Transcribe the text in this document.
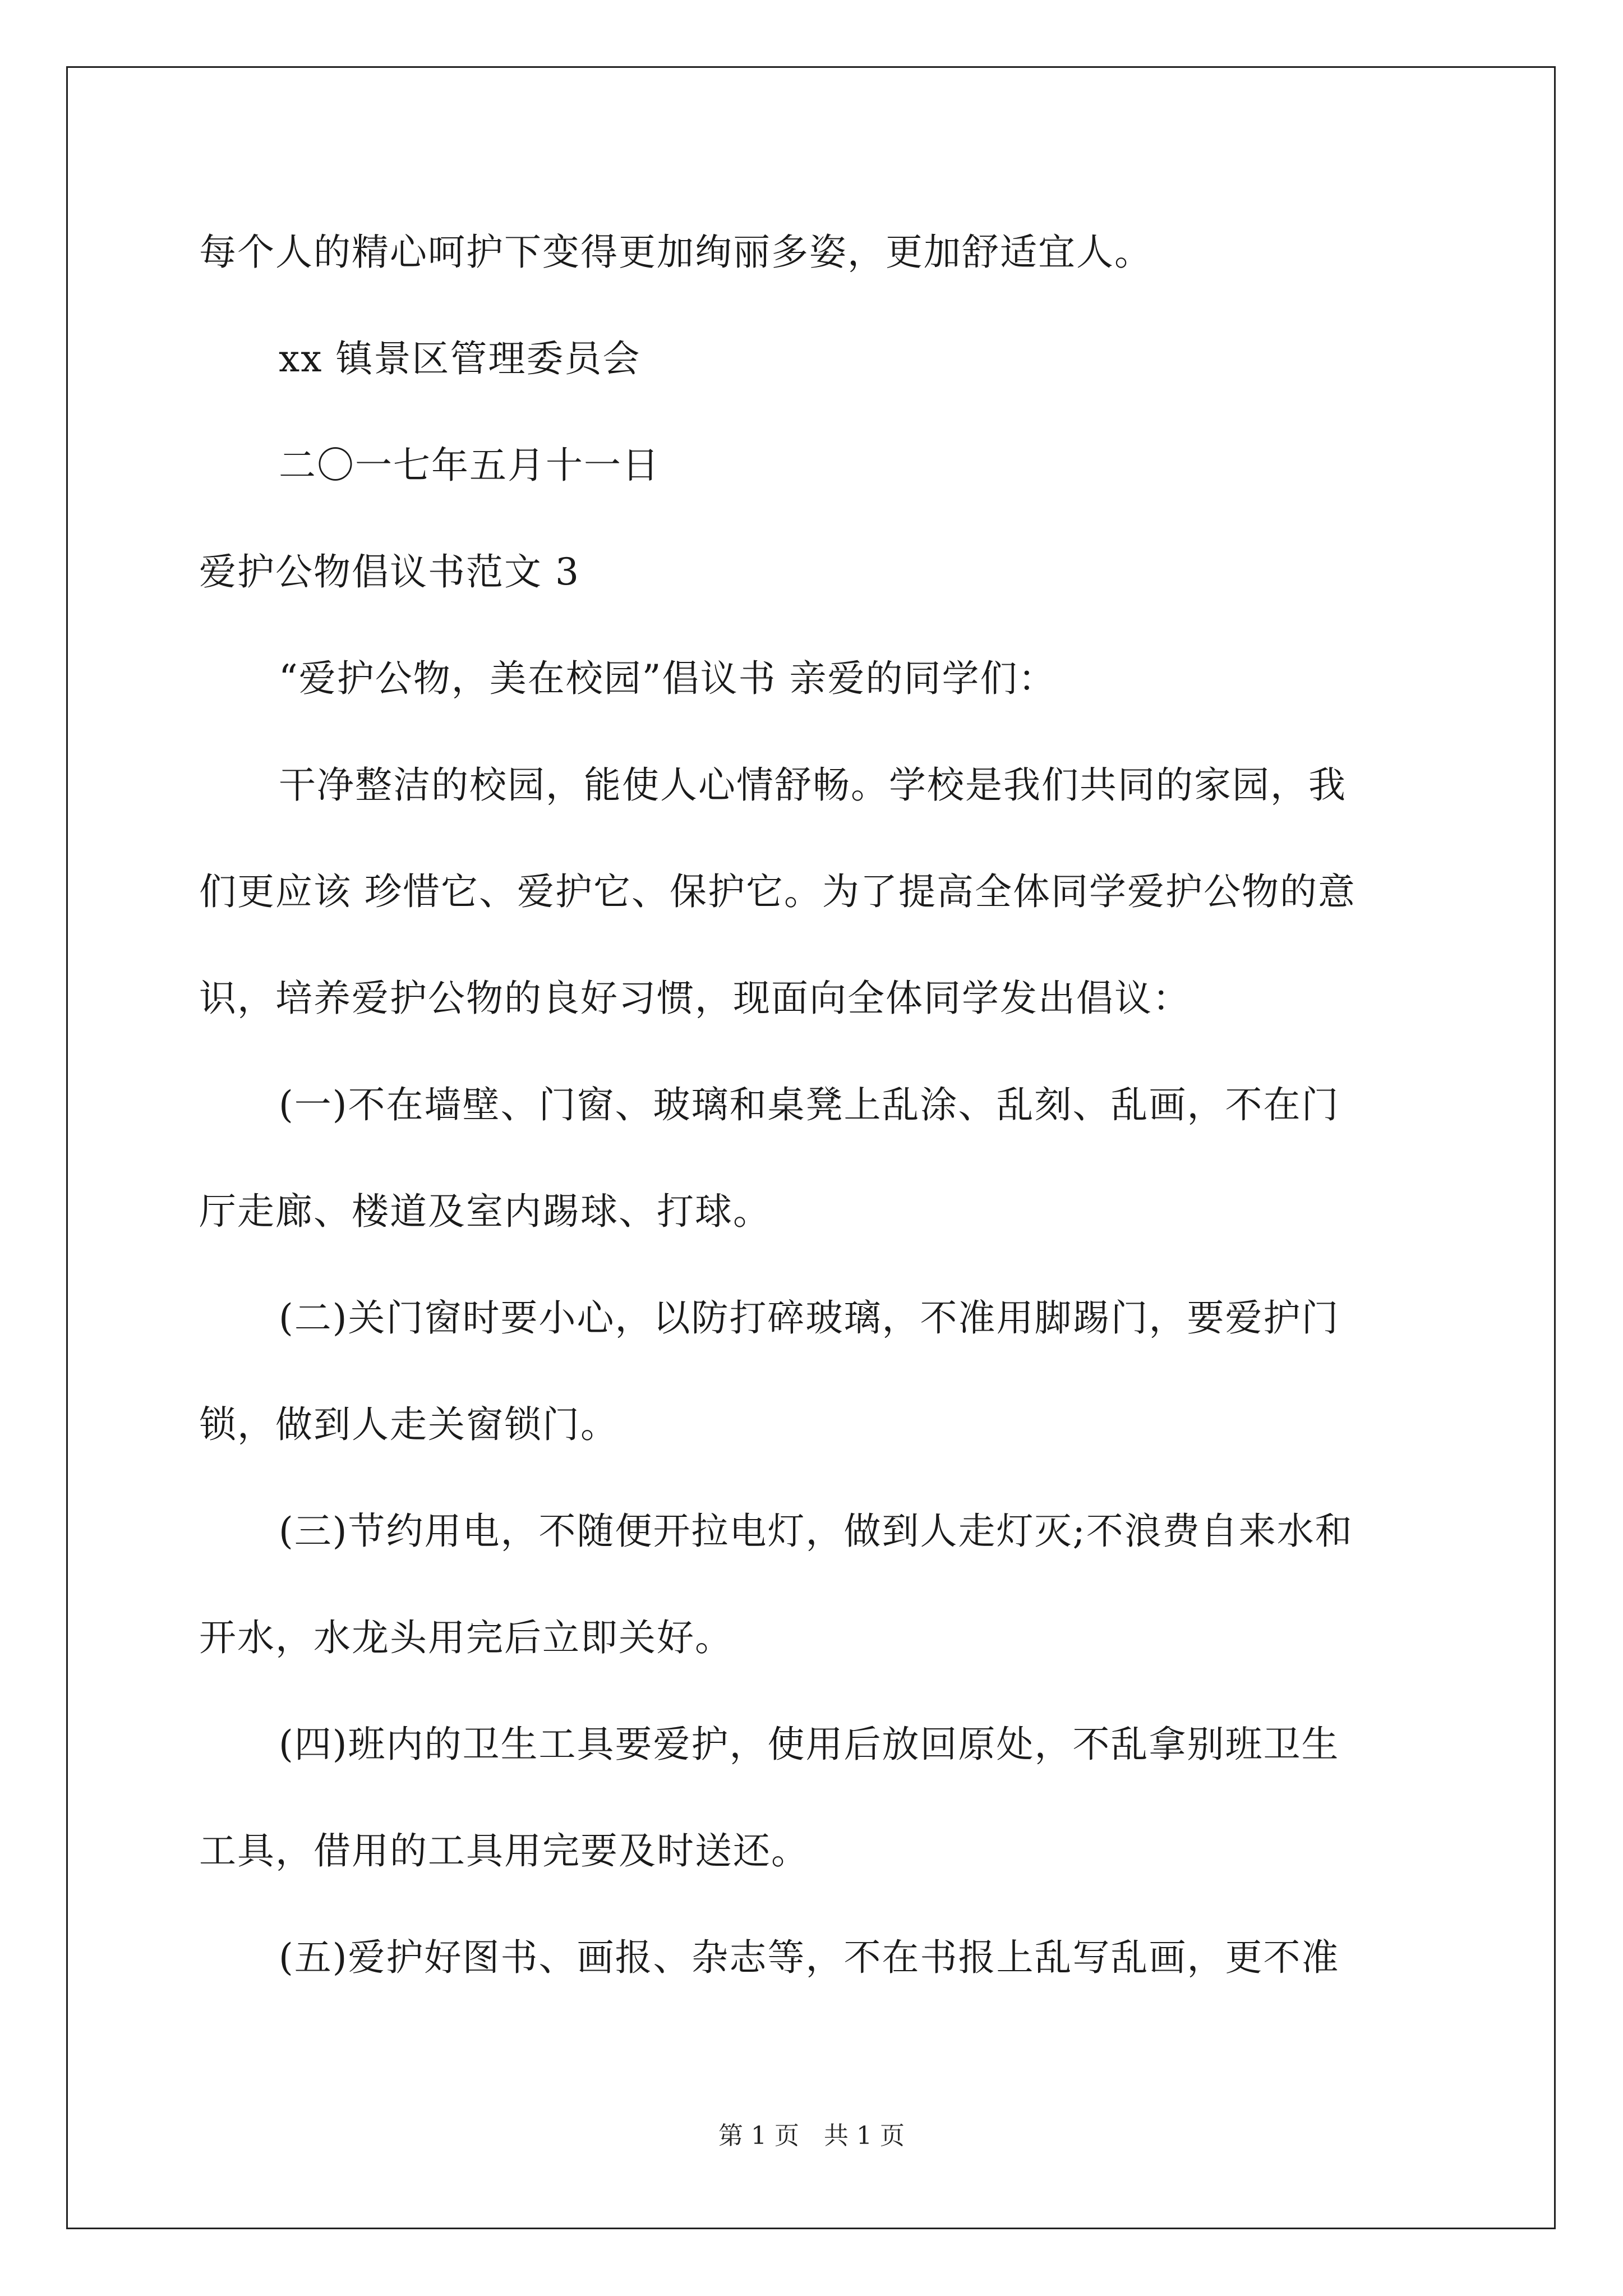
每个人的精心呵护下变得更加绚丽多姿，更加舒适宜人。
xx 镇景区管理委员会
二〇一七年五月十一日
爱护公物倡议书范文 3
“爱护公物，美在校园”倡议书 亲爱的同学们：
干净整洁的校园，能使人心情舒畅。学校是我们共同的家园，我
们更应该 珍惜它、爱护它、保护它。为了提高全体同学爱护公物的意
识，培养爱护公物的良好习惯，现面向全体同学发出倡议：
(一)不在墙壁、门窗、玻璃和桌凳上乱涂、乱刻、乱画，不在门
厅走廊、楼道及室内踢球、打球。
(二)关门窗时要小心，以防打碎玻璃，不准用脚踢门，要爱护门
锁，做到人走关窗锁门。
(三)节约用电，不随便开拉电灯，做到人走灯灭;不浪费自来水和
开水，水龙头用完后立即关好。
(四)班内的卫生工具要爱护，使用后放回原处，不乱拿别班卫生
工具，借用的工具用完要及时送还。
(五)爱护好图书、画报、杂志等，不在书报上乱写乱画，更不准
第 1 页　共 1 页
